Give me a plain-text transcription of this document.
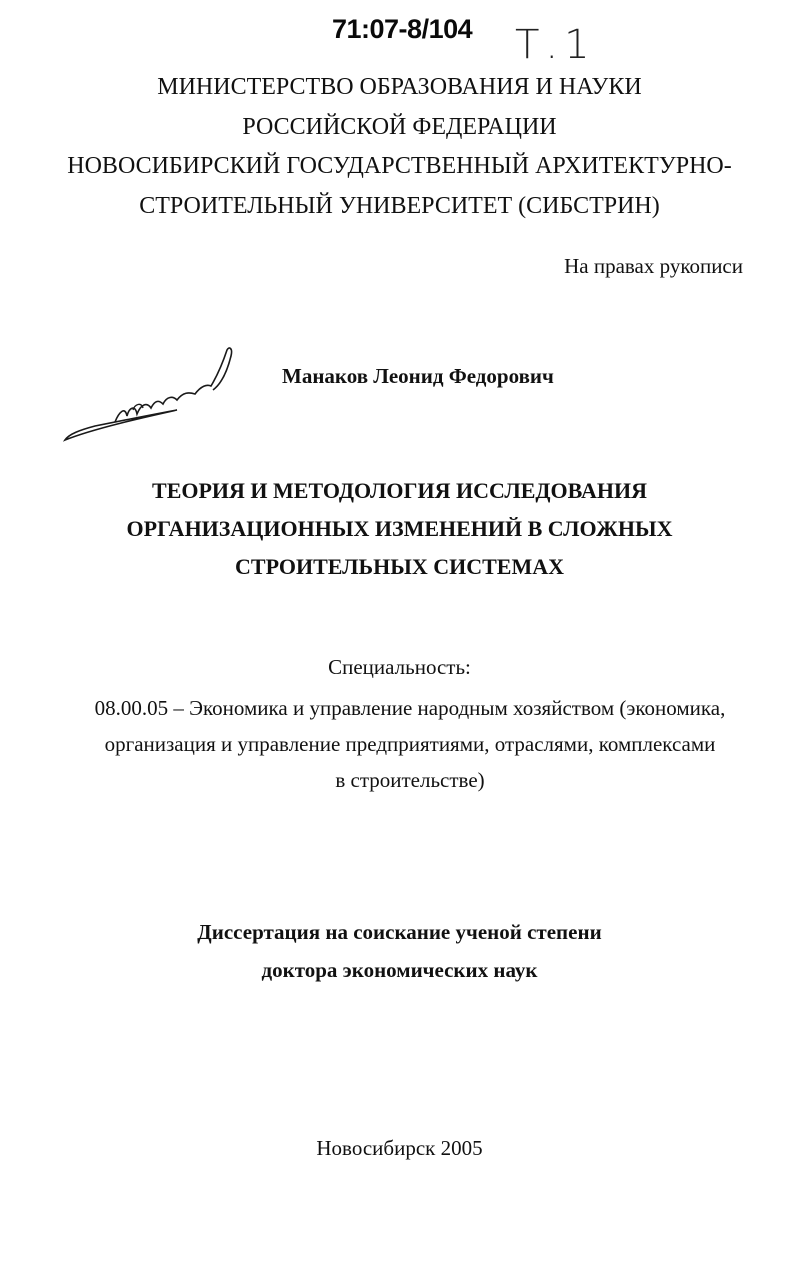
71:07-8/104 Т.1
МИНИСТЕРСТВО ОБРАЗОВАНИЯ И НАУКИ
РОССИЙСКОЙ ФЕДЕРАЦИИ
НОВОСИБИРСКИЙ ГОСУДАРСТВЕННЫЙ АРХИТЕКТУРНО-
СТРОИТЕЛЬНЫЙ УНИВЕРСИТЕТ (СИБСТРИН)
На правах рукописи
Манаков Леонид Федорович
ТЕОРИЯ И МЕТОДОЛОГИЯ ИССЛЕДОВАНИЯ
ОРГАНИЗАЦИОННЫХ ИЗМЕНЕНИЙ В СЛОЖНЫХ
СТРОИТЕЛЬНЫХ СИСТЕМАХ
Специальность:
08.00.05 – Экономика и управление народным хозяйством (экономика,
организация и управление предприятиями, отраслями, комплексами
в строительстве)
Диссертация на соискание ученой степени
доктора экономических наук
Новосибирск 2005
